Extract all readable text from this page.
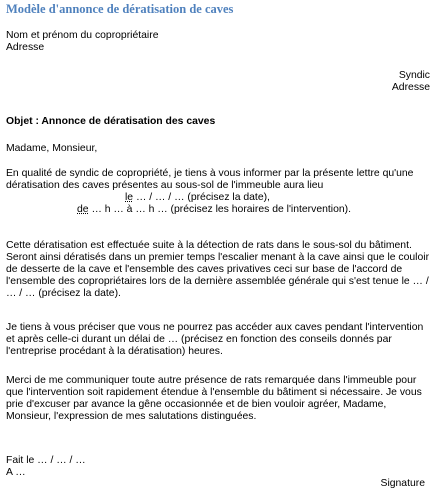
Modèle d'annonce de dératisation de caves
Nom et prénom du copropriétaire
Adresse
Syndic
Adresse
Objet : Annonce de dératisation des caves
Madame, Monsieur,
En qualité de syndic de copropriété, je tiens à vous informer par la présente lettre qu'une
dératisation des caves présentes au sous-sol de l'immeuble aura lieu
le … / … / … (précisez la date),
de … h … à … h … (précisez les horaires de l'intervention).
Cette dératisation est effectuée suite à la détection de rats dans le sous-sol du bâtiment.
Seront ainsi dératisés dans un premier temps l'escalier menant à la cave ainsi que le couloir
de desserte de la cave et l'ensemble des caves privatives ceci sur base de l'accord de
l'ensemble des copropriétaires lors de la dernière assemblée générale qui s'est tenue le … /
… / … (précisez la date).
Je tiens à vous préciser que vous ne pourrez pas accéder aux caves pendant l'intervention
et après celle-ci durant un délai de … (précisez en fonction des conseils donnés par
l'entreprise procédant à la dératisation) heures.
Merci de me communiquer toute autre présence de rats remarquée dans l'immeuble pour
que l'intervention soit rapidement étendue à l'ensemble du bâtiment si nécessaire. Je vous
prie d'excuser par avance la gêne occasionnée et de bien vouloir agréer, Madame,
Monsieur, l'expression de mes salutations distinguées.
Fait le … / … / …
A …
Signature
